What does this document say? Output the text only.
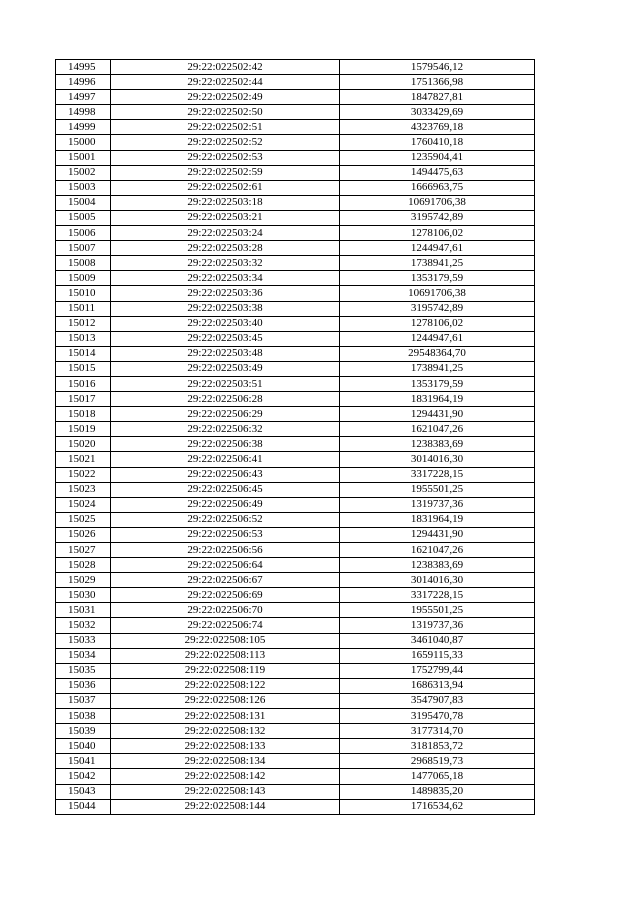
14995	29:22:022502:42	1579546,12
14996	29:22:022502:44	1751366,98
14997	29:22:022502:49	1847827,81
14998	29:22:022502:50	3033429,69
14999	29:22:022502:51	4323769,18
15000	29:22:022502:52	1760410,18
15001	29:22:022502:53	1235904,41
15002	29:22:022502:59	1494475,63
15003	29:22:022502:61	1666963,75
15004	29:22:022503:18	10691706,38
15005	29:22:022503:21	3195742,89
15006	29:22:022503:24	1278106,02
15007	29:22:022503:28	1244947,61
15008	29:22:022503:32	1738941,25
15009	29:22:022503:34	1353179,59
15010	29:22:022503:36	10691706,38
15011	29:22:022503:38	3195742,89
15012	29:22:022503:40	1278106,02
15013	29:22:022503:45	1244947,61
15014	29:22:022503:48	29548364,70
15015	29:22:022503:49	1738941,25
15016	29:22:022503:51	1353179,59
15017	29:22:022506:28	1831964,19
15018	29:22:022506:29	1294431,90
15019	29:22:022506:32	1621047,26
15020	29:22:022506:38	1238383,69
15021	29:22:022506:41	3014016,30
15022	29:22:022506:43	3317228,15
15023	29:22:022506:45	1955501,25
15024	29:22:022506:49	1319737,36
15025	29:22:022506:52	1831964,19
15026	29:22:022506:53	1294431,90
15027	29:22:022506:56	1621047,26
15028	29:22:022506:64	1238383,69
15029	29:22:022506:67	3014016,30
15030	29:22:022506:69	3317228,15
15031	29:22:022506:70	1955501,25
15032	29:22:022506:74	1319737,36
15033	29:22:022508:105	3461040,87
15034	29:22:022508:113	1659115,33
15035	29:22:022508:119	1752799,44
15036	29:22:022508:122	1686313,94
15037	29:22:022508:126	3547907,83
15038	29:22:022508:131	3195470,78
15039	29:22:022508:132	3177314,70
15040	29:22:022508:133	3181853,72
15041	29:22:022508:134	2968519,73
15042	29:22:022508:142	1477065,18
15043	29:22:022508:143	1489835,20
15044	29:22:022508:144	1716534,62
